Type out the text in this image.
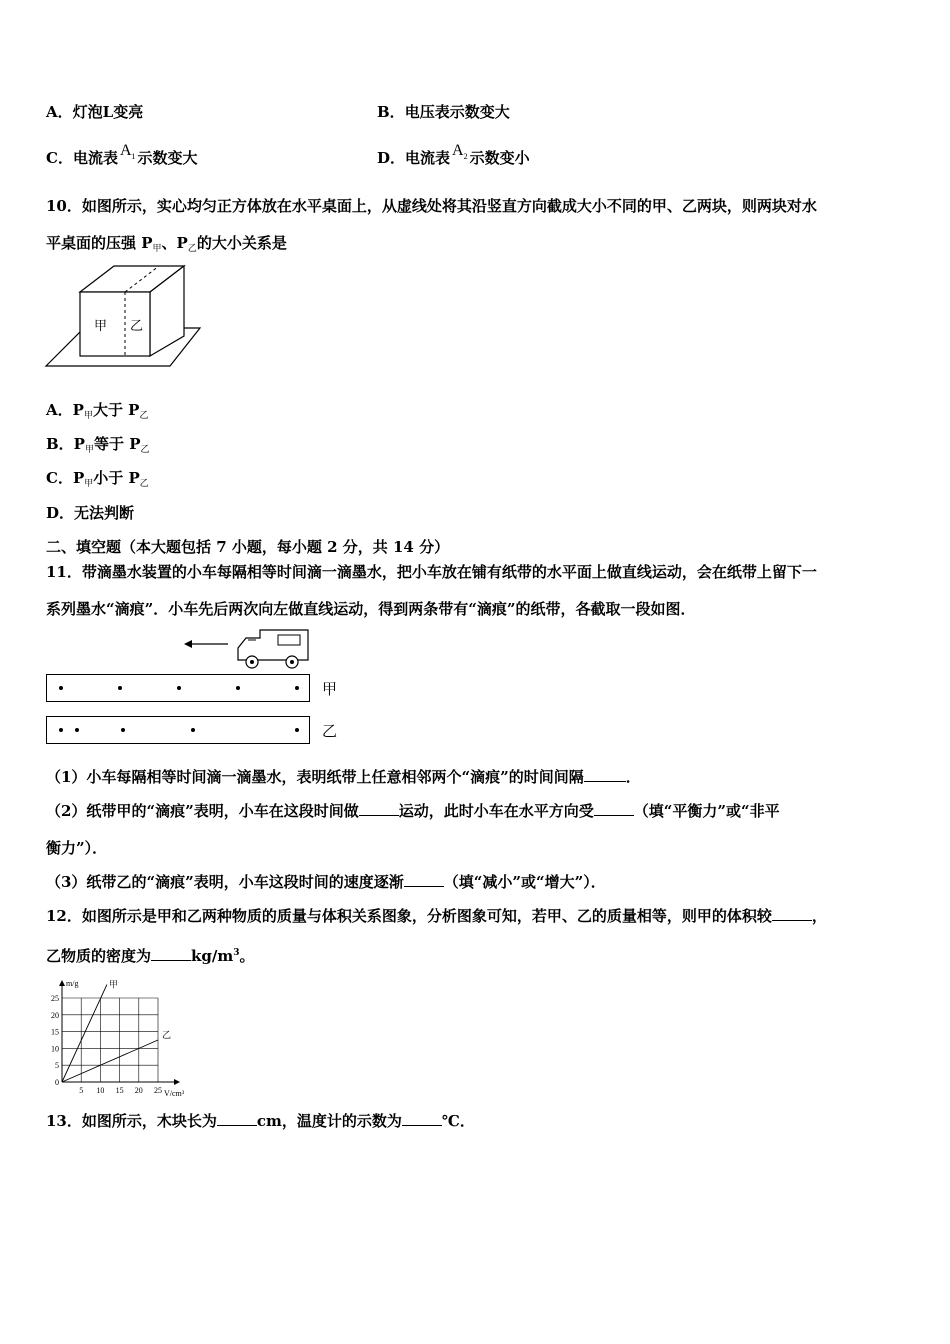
A．灯泡L变亮	B．电压表示数变大
C．电流表 $A_1$ 示数变大	D．电流表 $A_2$ 示数变小
10．如图所示，实心均匀正方体放在水平桌面上，从虚线处将其沿竖直方向截成大小不同的甲、乙两块，则两块对水
平桌面的压强 $P_甲$、$P_乙$的大小关系是
甲 乙
A．$P_甲$大于 $P_乙$
B．$P_甲$等于 $P_乙$
C．$P_甲$小于 $P_乙$
D．无法判断
二、填空题（本大题包括 7 小题，每小题 2 分，共 14 分）
11．带滴墨水装置的小车每隔相等时间滴一滴墨水，把小车放在铺有纸带的水平面上做直线运动，会在纸带上留下一
系列墨水“滴痕”．小车先后两次向左做直线运动，得到两条带有“滴痕”的纸带，各截取一段如图．
甲
乙
（1）小车每隔相等时间滴一滴墨水，表明纸带上任意相邻两个“滴痕”的时间间隔	．
（2）纸带甲的“滴痕”表明，小车在这段时间做	运动，此时小车在水平方向受	（填“平衡力”或“非平
衡力”）．
（3）纸带乙的“滴痕”表明，小车这段时间的速度逐渐	（填“减小”或“增大”）．
12．如图所示是甲和乙两种物质的质量与体积关系图象，分析图象可知，若甲、乙的质量相等，则甲的体积较	，
乙物质的密度为	$kg/m^3$。
5 10 15 20 25
0
5
10
15
20
25
甲
乙
m/g
V/cm³
13．如图所示，木块长为	cm，温度计的示数为	℃．
